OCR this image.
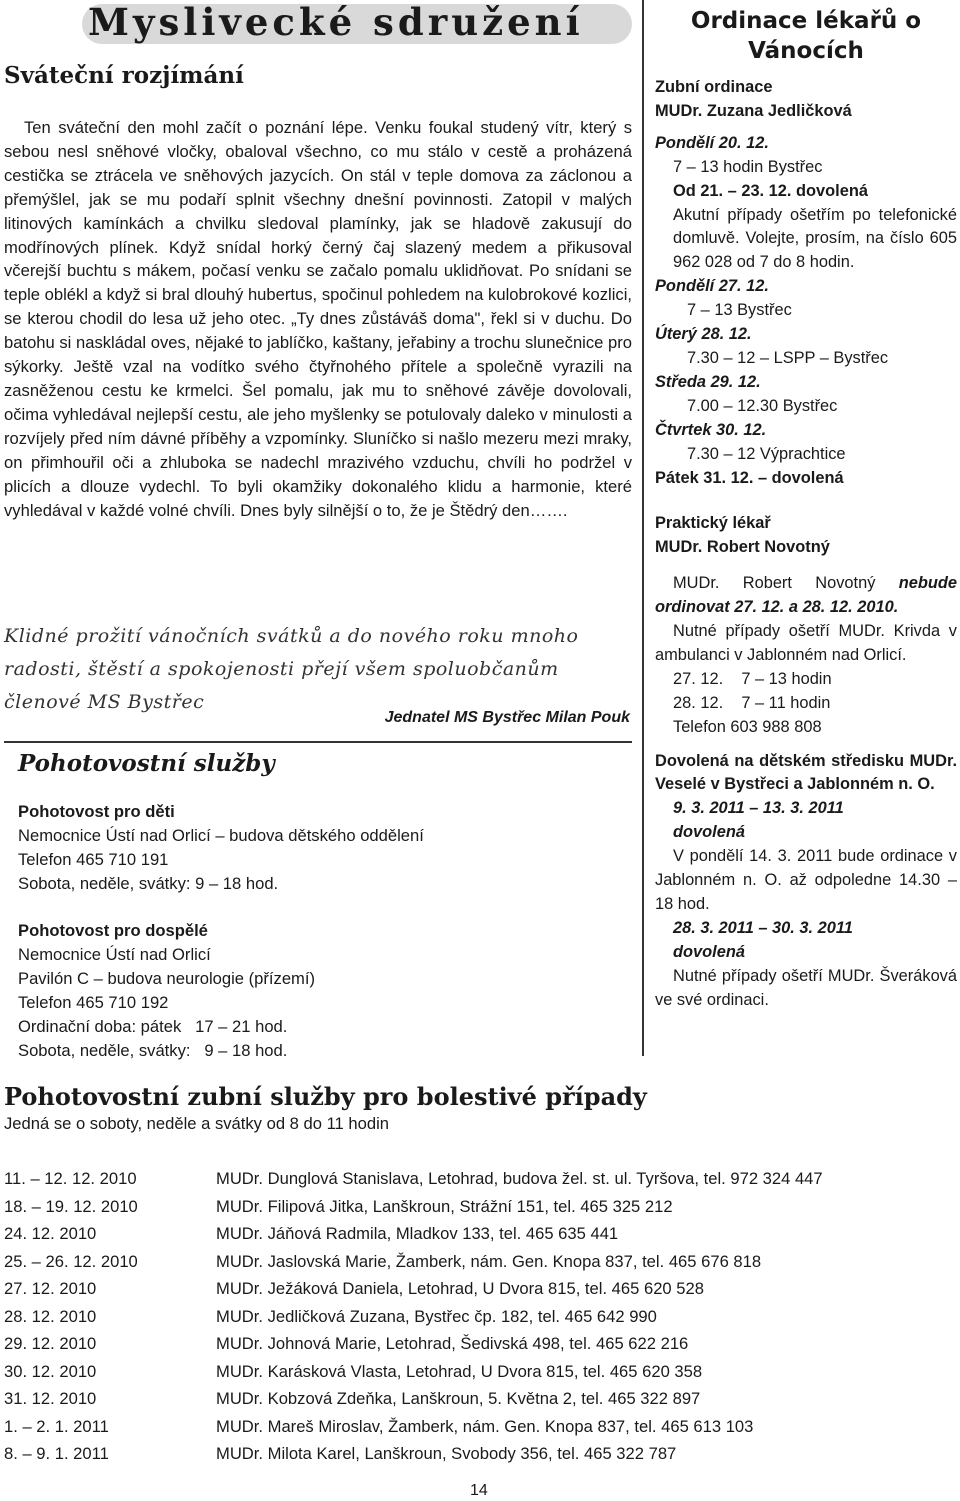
Myslivecké sdružení
Sváteční rozjímání

Ten sváteční den mohl začít o poznání lépe. Venku foukal studený vítr, který s sebou nesl sněhové vločky, obaloval všechno, co mu stálo v cestě a proházená cestička se ztrácela ve sněhových jazycích. On stál v teple domova za záclonou a přemýšlel, jak se mu podaří splnit všechny dnešní povinnosti. Zatopil v malých litinových kamínkách a chvilku sledoval plamínky, jak se hladově zakusují do modřínových plínek. Když snídal horký černý čaj slazený medem a přikusoval včerejší buchtu s mákem, počasí venku se začalo pomalu uklidňovat. Po snídani se teple oblékl a když si bral dlouhý hubertus, spočinul pohledem na kulobrokové kozlici, se kterou chodil do lesa už jeho otec. „Ty dnes zůstáváš doma", řekl si v duchu. Do batohu si naskládal oves, nějaké to jablíčko, kaštany, jeřabiny a trochu slunečnice pro sýkorky. Ještě vzal na vodítko svého čtyřnohého přítele a společně vyrazili na zasněženou cestu ke krmelci. Šel pomalu, jak mu to sněhové závěje dovolovali, očima vyhledával nejlepší cestu, ale jeho myšlenky se potulovaly daleko v minulosti a rozvíjely před ním dávné příběhy a vzpomínky. Sluníčko si našlo mezeru mezi mraky, on přimhouřil oči a zhluboka se nadechl mrazivého vzduchu, chvíli ho podržel v plicích a dlouze vydechl. To byli okamžiky dokonalého klidu a harmonie, které vyhledával v každé volné chvíli. Dnes byly silnější o to, že je Štědrý den…….

Klidné prožití vánočních svátků a do nového roku mnoho radosti, štěstí a spokojenosti přejí všem spoluobčanům členové MS Bystřec
Jednatel MS Bystřec Milan Pouk
Pohotovostní služby
Pohotovost pro děti
Nemocnice Ústí nad Orlicí – budova dětského oddělení
Telefon 465 710 191
Sobota, neděle, svátky: 9 – 18 hod.
Pohotovost pro dospělé
Nemocnice Ústí nad Orlicí
Pavilón C – budova neurologie (přízemí)
Telefon 465 710 192
Ordinační doba: pátek   17 – 21 hod.
Sobota, neděle, svátky:   9 – 18 hod.
Ordinace lékařů o Vánocích
Zubní ordinace
MUDr. Zuzana Jedličková
Pondělí 20. 12.
7 – 13 hodin Bystřec
Od 21. – 23. 12. dovolená
Akutní případy ošetřím po telefonické domluvě. Volejte, prosím, na číslo 605 962 028 od 7 do 8 hodin.
Pondělí 27. 12.
7 – 13 Bystřec
Úterý 28. 12.
7.30 – 12 – LSPP – Bystřec
Středa 29. 12.
7.00 – 12.30 Bystřec
Čtvrtek 30. 12.
7.30 – 12 Výprachtice
Pátek 31. 12. – dovolená
Praktický lékař
MUDr. Robert Novotný
MUDr. Robert Novotný nebude ordinovat 27. 12. a 28. 12. 2010.
Nutné případy ošetří MUDr. Krivda v ambulanci v Jablonném nad Orlicí.
27. 12.    7 – 13 hodin
28. 12.    7 – 11 hodin
Telefon 603 988 808
Dovolená na dětském středisku MUDr. Veselé v Bystřeci a Jablonném n. O.
9. 3. 2011 – 13. 3. 2011
dovolená
V pondělí 14. 3. 2011 bude ordinace v Jablonném n. O. až odpoledne 14.30 – 18 hod.
28. 3. 2011 – 30. 3. 2011
dovolená
Nutné případy ošetří MUDr. Šveráková ve své ordinaci.
Pohotovostní zubní služby pro bolestivé případy
Jedná se o soboty, neděle a svátky od 8 do 11 hodin
11. – 12. 12. 2010	MUDr. Dunglová Stanislava, Letohrad, budova žel. st. ul. Tyršova, tel. 972 324 447
18. – 19. 12. 2010	MUDr. Filipová Jitka, Lanškroun, Strážní 151, tel. 465 325 212
24. 12. 2010	MUDr. Jáňová Radmila, Mladkov 133, tel. 465 635 441
25. – 26. 12. 2010	MUDr. Jaslovská Marie, Žamberk, nám. Gen. Knopa 837, tel. 465 676 818
27. 12. 2010	MUDr. Ježáková Daniela, Letohrad, U Dvora 815, tel. 465 620 528
28. 12. 2010	MUDr. Jedličková Zuzana, Bystřec čp. 182, tel. 465 642 990
29. 12. 2010	MUDr. Johnová Marie, Letohrad, Šedivská 498, tel. 465 622 216
30. 12. 2010	MUDr. Karásková Vlasta, Letohrad, U Dvora 815, tel. 465 620 358
31. 12. 2010	MUDr. Kobzová Zdeňka, Lanškroun, 5. Května 2, tel. 465 322 897
1. – 2. 1. 2011	MUDr. Mareš Miroslav, Žamberk, nám. Gen. Knopa 837, tel. 465 613 103
8. – 9. 1. 2011	MUDr. Milota Karel, Lanškroun, Svobody 356, tel. 465 322 787
14
